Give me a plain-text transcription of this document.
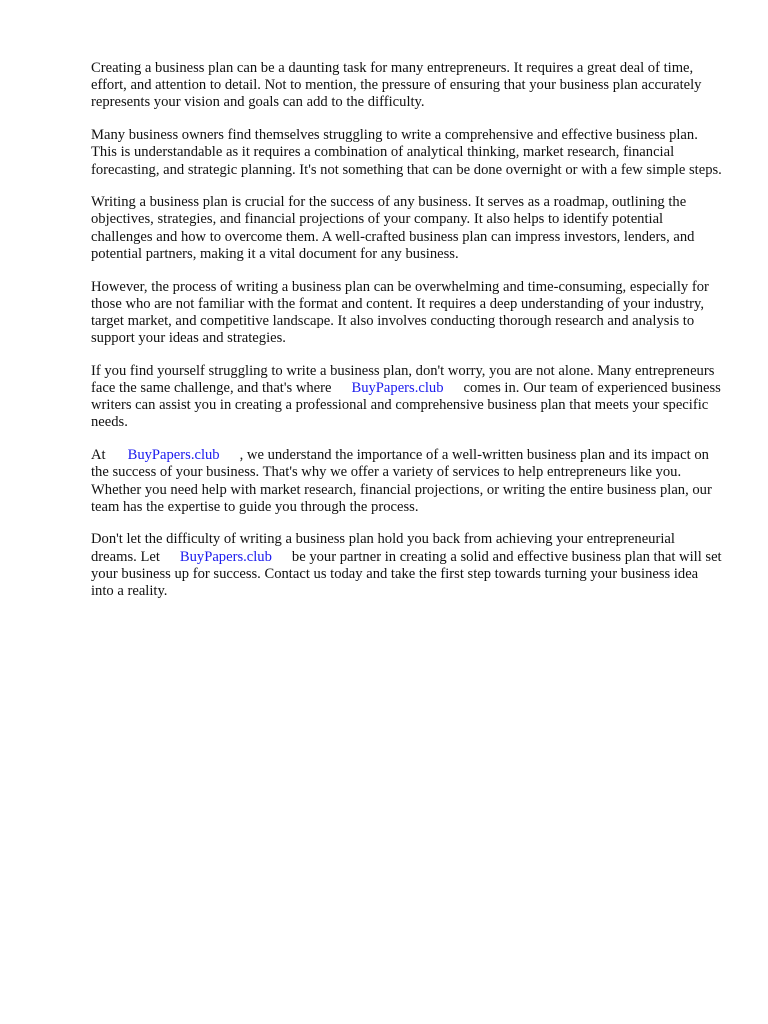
Creating a business plan can be a daunting task for many entrepreneurs. It requires a great deal of time, effort, and attention to detail. Not to mention, the pressure of ensuring that your business plan accurately represents your vision and goals can add to the difficulty.

Many business owners find themselves struggling to write a comprehensive and effective business plan. This is understandable as it requires a combination of analytical thinking, market research, financial forecasting, and strategic planning. It's not something that can be done overnight or with a few simple steps.

Writing a business plan is crucial for the success of any business. It serves as a roadmap, outlining the objectives, strategies, and financial projections of your company. It also helps to identify potential challenges and how to overcome them. A well-crafted business plan can impress investors, lenders, and potential partners, making it a vital document for any business.

However, the process of writing a business plan can be overwhelming and time-consuming, especially for those who are not familiar with the format and content. It requires a deep understanding of your industry, target market, and competitive landscape. It also involves conducting thorough research and analysis to support your ideas and strategies.

If you find yourself struggling to write a business plan, don't worry, you are not alone. Many entrepreneurs face the same challenge, and that's where BuyPapers.club comes in. Our team of experienced business writers can assist you in creating a professional and comprehensive business plan that meets your specific needs.

At BuyPapers.club , we understand the importance of a well-written business plan and its impact on the success of your business. That's why we offer a variety of services to help entrepreneurs like you. Whether you need help with market research, financial projections, or writing the entire business plan, our team has the expertise to guide you through the process.

Don't let the difficulty of writing a business plan hold you back from achieving your entrepreneurial dreams. Let BuyPapers.club be your partner in creating a solid and effective business plan that will set your business up for success. Contact us today and take the first step towards turning your business idea into a reality.
